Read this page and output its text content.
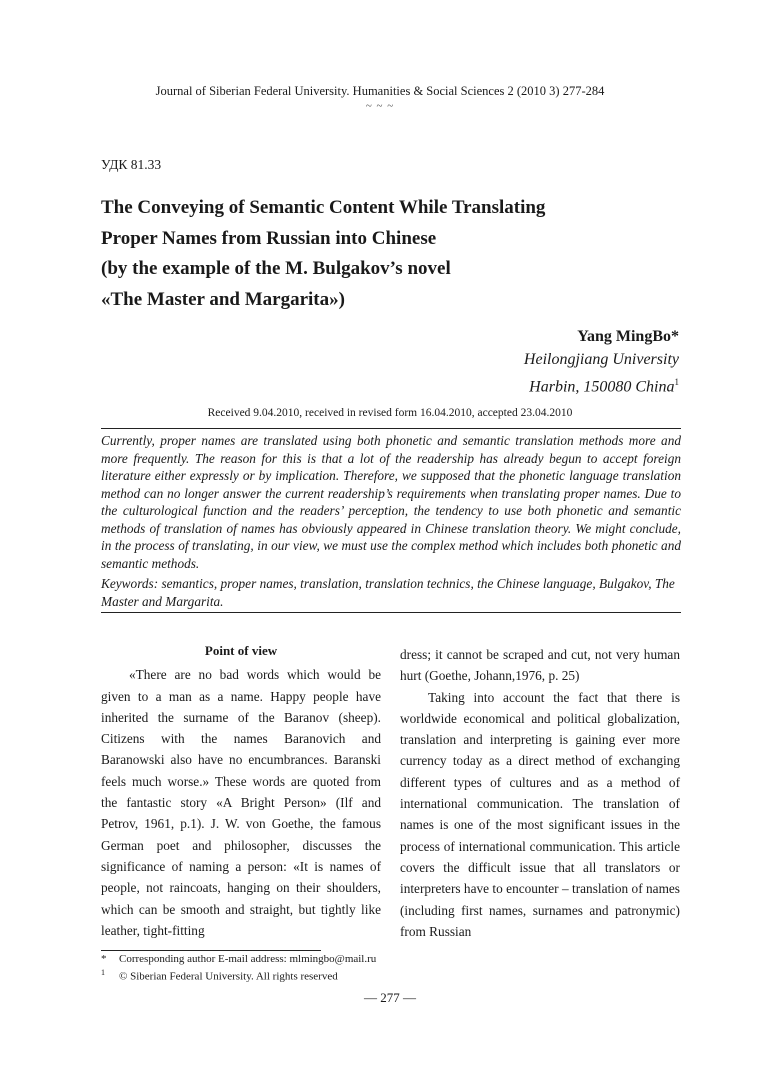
Journal of Siberian Federal University. Humanities & Social Sciences 2 (2010 3) 277-284
~ ~ ~
УДК 81.33
The Conveying of Semantic Content While Translating
Proper Names from Russian into Chinese
(by the example of the M. Bulgakov’s novel
«The Master and Margarita»)
Yang MingBo*
Heilongjiang University
Harbin, 150080 China$^1$
Received 9.04.2010, received in revised form 16.04.2010, accepted 23.04.2010
Currently, proper names are translated using both phonetic and semantic translation methods more and more frequently. The reason for this is that a lot of the readership has already begun to accept foreign literature either expressly or by implication. Therefore, we supposed that the phonetic language translation method can no longer answer the current readership’s requirements when translating proper names. Due to the culturological function and the readers’ perception, the tendency to use both phonetic and semantic methods of translation of names has obviously appeared in Chinese translation theory. We might conclude, in the process of translating, in our view, we must use the complex method which includes both phonetic and semantic methods.
Keywords: semantics, proper names, translation, translation technics, the Chinese language, Bulgakov, The Master and Margarita.

Point of view

«There are no bad words which would be given to a man as a name. Happy people have inherited the surname of the Baranov (sheep). Citizens with the names Baranovich and Baranowski also have no encumbrances. Baranski feels much worse.» These words are quoted from the fantastic story «A Bright Person» (Ilf and Petrov, 1961, p.1). J. W. von Goethe, the famous German poet and philosopher, discusses the significance of naming a person: «It is names of people, not raincoats, hanging on their shoulders, which can be smooth and straight, but tightly like leather, tight-fitting

dress; it cannot be scraped and cut, not very human hurt (Goethe, Johann,1976, p. 25)

Taking into account the fact that there is worldwide economical and political globalization, translation and interpreting is gaining ever more currency today as a direct method of exchanging different types of cultures and as a method of international communication. The translation of names is one of the most significant issues in the process of international communication. This article covers the difficult issue that all translators or interpreters have to encounter – translation of names (including first names, surnames and patronymic) from Russian

* Corresponding author E-mail address: mlmingbo@mail.ru
1 © Siberian Federal University. All rights reserved
— 277 —
